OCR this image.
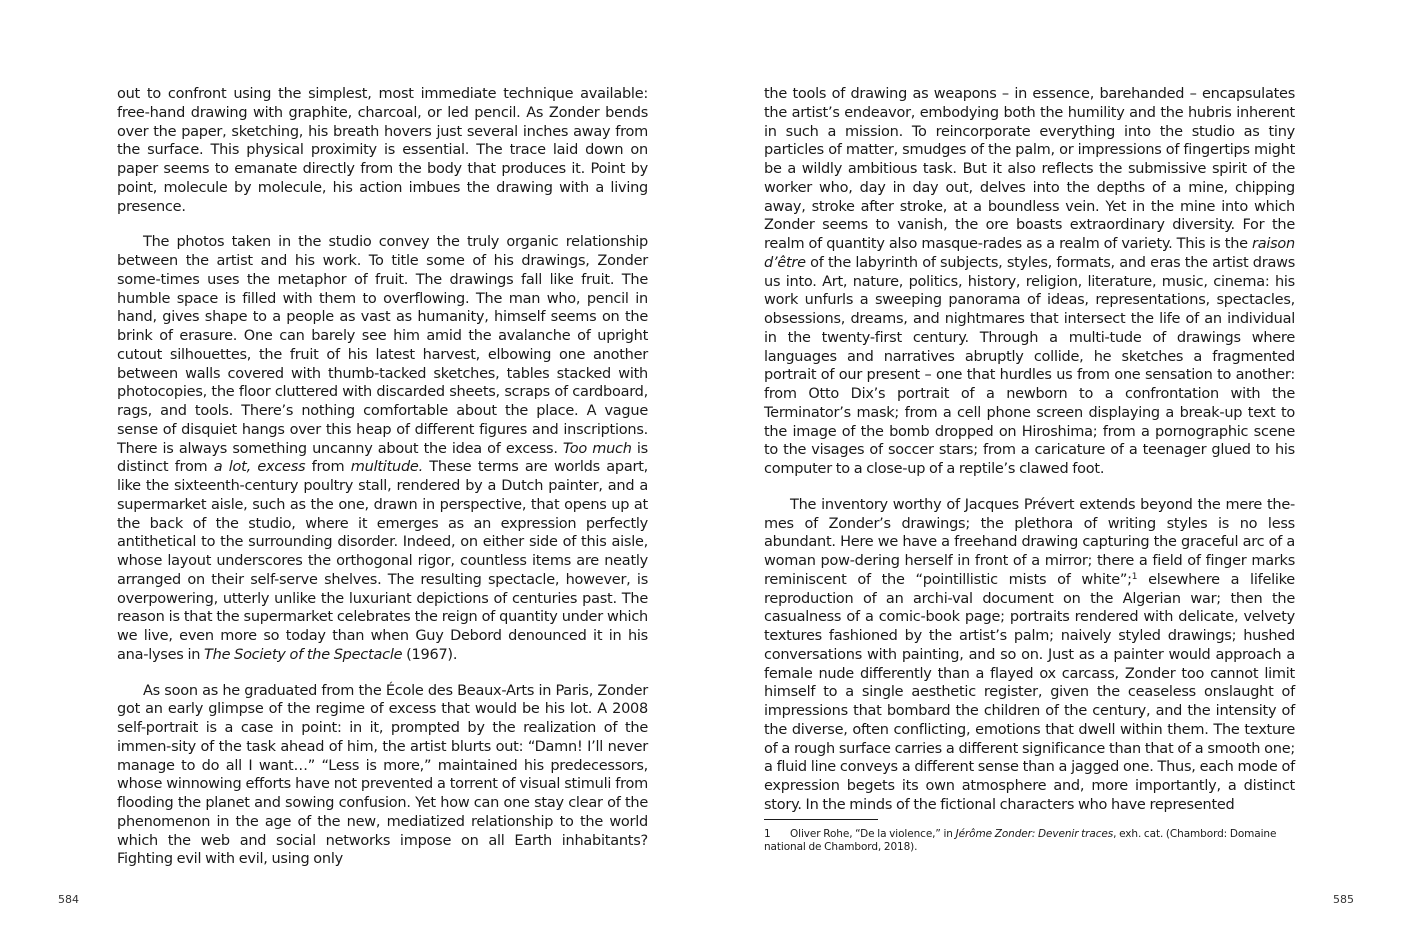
out to confront using the simplest, most immediate technique available: free-hand drawing with graphite, charcoal, or led pencil. As Zonder bends over the paper, sketching, his breath hovers just several inches away from the surface. This physical proximity is essential. The trace laid down on paper seems to emanate directly from the body that produces it. Point by point, molecule by molecule, his action imbues the drawing with a living presence.

The photos taken in the studio convey the truly organic relationship between the artist and his work. To title some of his drawings, Zonder some-times uses the metaphor of fruit. The drawings fall like fruit. The humble space is filled with them to overflowing. The man who, pencil in hand, gives shape to a people as vast as humanity, himself seems on the brink of erasure. One can barely see him amid the avalanche of upright cutout silhouettes, the fruit of his latest harvest, elbowing one another between walls covered with thumb-tacked sketches, tables stacked with photocopies, the floor cluttered with discarded sheets, scraps of cardboard, rags, and tools. There’s nothing comfortable about the place. A vague sense of disquiet hangs over this heap of different figures and inscriptions. There is always something uncanny about the idea of excess. Too much is distinct from a lot, excess from multitude. These terms are worlds apart, like the sixteenth-century poultry stall, rendered by a Dutch painter, and a supermarket aisle, such as the one, drawn in perspective, that opens up at the back of the studio, where it emerges as an expression perfectly antithetical to the surrounding disorder. Indeed, on either side of this aisle, whose layout underscores the orthogonal rigor, countless items are neatly arranged on their self-serve shelves. The resulting spectacle, however, is overpowering, utterly unlike the luxuriant depictions of centuries past. The reason is that the supermarket celebrates the reign of quantity under which we live, even more so today than when Guy Debord denounced it in his ana-lyses in The Society of the Spectacle (1967).

As soon as he graduated from the École des Beaux-Arts in Paris, Zonder got an early glimpse of the regime of excess that would be his lot. A 2008 self-portrait is a case in point: in it, prompted by the realization of the immen-sity of the task ahead of him, the artist blurts out: “Damn! I’ll never manage to do all I want…” “Less is more,” maintained his predecessors, whose winnowing efforts have not prevented a torrent of visual stimuli from flooding the planet and sowing confusion. Yet how can one stay clear of the phenomenon in the age of the new, mediatized relationship to the world which the web and social networks impose on all Earth inhabitants? Fighting evil with evil, using only

584

the tools of drawing as weapons – in essence, barehanded – encapsulates the artist’s endeavor, embodying both the humility and the hubris inherent in such a mission. To reincorporate everything into the studio as tiny particles of matter, smudges of the palm, or impressions of fingertips might be a wildly ambitious task. But it also reflects the submissive spirit of the worker who, day in day out, delves into the depths of a mine, chipping away, stroke after stroke, at a boundless vein. Yet in the mine into which Zonder seems to vanish, the ore boasts extraordinary diversity. For the realm of quantity also masque-rades as a realm of variety. This is the raison d’être of the labyrinth of subjects, styles, formats, and eras the artist draws us into. Art, nature, politics, history, religion, literature, music, cinema: his work unfurls a sweeping panorama of ideas, representations, spectacles, obsessions, dreams, and nightmares that intersect the life of an individual in the twenty-first century. Through a multi-tude of drawings where languages and narratives abruptly collide, he sketches a fragmented portrait of our present – one that hurdles us from one sensation to another: from Otto Dix’s portrait of a newborn to a confrontation with the Terminator’s mask; from a cell phone screen displaying a break-up text to the image of the bomb dropped on Hiroshima; from a pornographic scene to the visages of soccer stars; from a caricature of a teenager glued to his computer to a close-up of a reptile’s clawed foot.

The inventory worthy of Jacques Prévert extends beyond the mere the-mes of Zonder’s drawings; the plethora of writing styles is no less abundant. Here we have a freehand drawing capturing the graceful arc of a woman pow-dering herself in front of a mirror; there a field of finger marks reminiscent of the “pointillistic mists of white”;$^1$ elsewhere a lifelike reproduction of an archi-val document on the Algerian war; then the casualness of a comic-book page; portraits rendered with delicate, velvety textures fashioned by the artist’s palm; naively styled drawings; hushed conversations with painting, and so on. Just as a painter would approach a female nude differently than a flayed ox carcass, Zonder too cannot limit himself to a single aesthetic register, given the ceaseless onslaught of impressions that bombard the children of the century, and the intensity of the diverse, often conflicting, emotions that dwell within them. The texture of a rough surface carries a different significance than that of a smooth one; a fluid line conveys a different sense than a jagged one. Thus, each mode of expression begets its own atmosphere and, more importantly, a distinct story. In the minds of the fictional characters who have represented

1 Oliver Rohe, “De la violence,” in Jérôme Zonder: Devenir traces, exh. cat. (Chambord: Domaine national de Chambord, 2018).
585
